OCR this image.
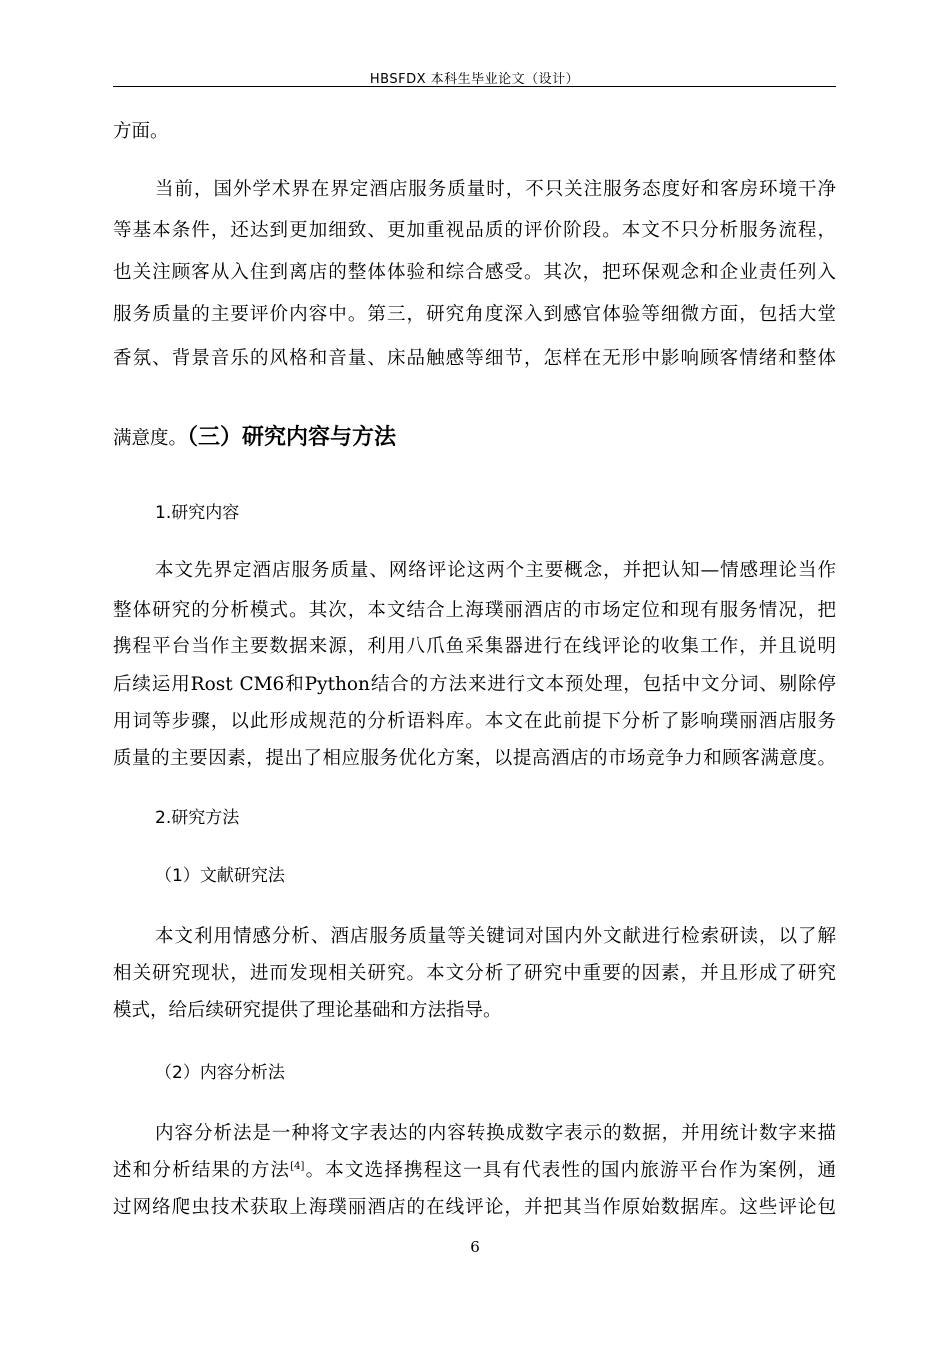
HBSFDX 本科生毕业论文（设计）
方面。
当前，国外学术界在界定酒店服务质量时，不只关注服务态度好和客房环境干净
等基本条件，还达到更加细致、更加重视品质的评价阶段。本文不只分析服务流程，
也关注顾客从入住到离店的整体体验和综合感受。其次，把环保观念和企业责任列入
服务质量的主要评价内容中。第三，研究角度深入到感官体验等细微方面，包括大堂
香氛、背景音乐的风格和音量、床品触感等细节，怎样在无形中影响顾客情绪和整体
满意度。（三）研究内容与方法
1.研究内容
本文先界定酒店服务质量、网络评论这两个主要概念，并把认知—情感理论当作
整体研究的分析模式。其次，本文结合上海璞丽酒店的市场定位和现有服务情况，把
携程平台当作主要数据来源，利用八爪鱼采集器进行在线评论的收集工作，并且说明
后续运用Rost CM6和Python结合的方法来进行文本预处理，包括中文分词、剔除停
用词等步骤，以此形成规范的分析语料库。本文在此前提下分析了影响璞丽酒店服务
质量的主要因素，提出了相应服务优化方案，以提高酒店的市场竞争力和顾客满意度。
2.研究方法
（1）文献研究法
本文利用情感分析、酒店服务质量等关键词对国内外文献进行检索研读，以了解
相关研究现状，进而发现相关研究。本文分析了研究中重要的因素，并且形成了研究
模式，给后续研究提供了理论基础和方法指导。
（2）内容分析法
内容分析法是一种将文字表达的内容转换成数字表示的数据，并用统计数字来描
述和分析结果的方法[4]。本文选择携程这一具有代表性的国内旅游平台作为案例，通
过网络爬虫技术获取上海璞丽酒店的在线评论，并把其当作原始数据库。这些评论包
6
